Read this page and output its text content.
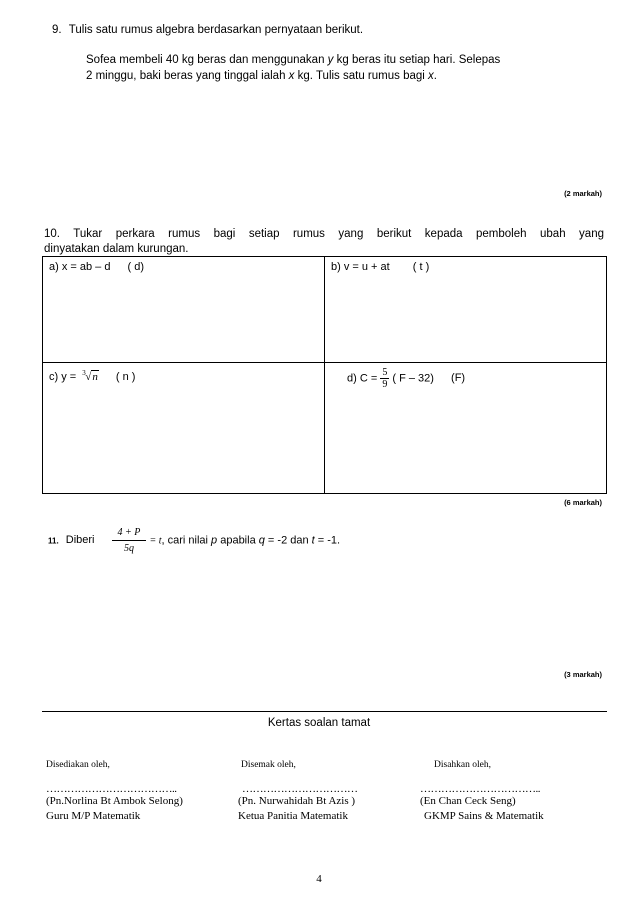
9. Tulis satu rumus algebra berdasarkan pernyataan berikut.
Sofea membeli 40 kg beras dan menggunakan y kg beras itu setiap hari. Selepas
2 minggu, baki beras yang tinggal ialah x kg. Tulis satu rumus bagi x.
(2 markah)
10. Tukar perkara rumus bagi setiap rumus yang berikut kepada pemboleh ubah yang
dinyatakan dalam kurungan.
a) x = ab – d ( d)	b) v = u + at ( t )
c) y = 3 √n ( n )	d) $C = \frac{5}{9}$ ( F – 32) (F)
(6 markah)
11. Diberi $\frac{4 + P}{5q} = t$, cari nilai p apabila q = -2 dan t = -1.
(3 markah)
Kertas soalan tamat
Disediakan oleh,
………………………………..
(Pn.Norlina Bt Ambok Selong)
Guru M/P Matematik
Disemak oleh,
……………………………
(Pn. Nurwahidah Bt Azis )
Ketua Panitia Matematik
Disahkan oleh,
……………………………..
(En Chan Ceck Seng)
GKMP Sains & Matematik
4
